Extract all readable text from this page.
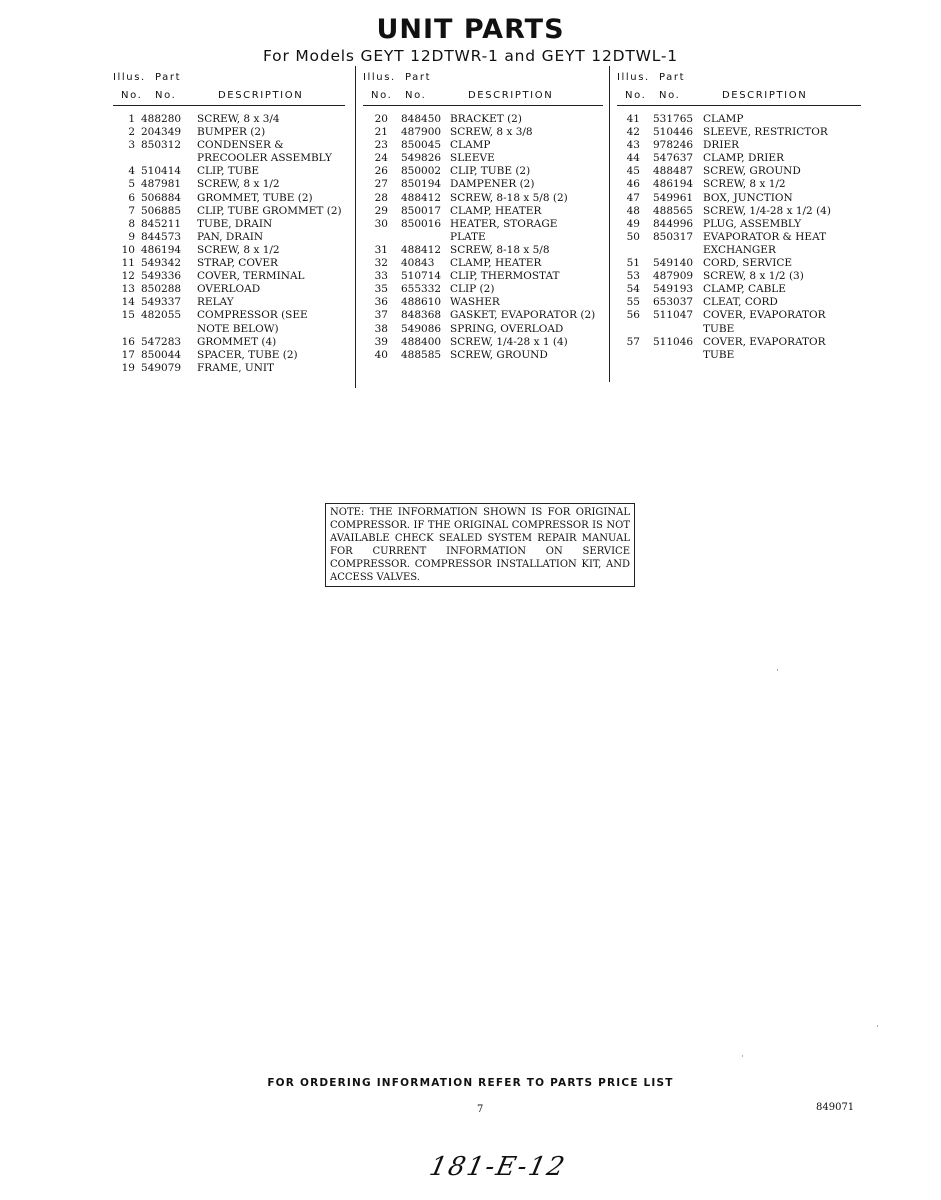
UNIT PARTS
For Models GEYT 12DTWR-1 and GEYT 12DTWL-1
Illus. Part
No. No.	DESCRIPTION
1 488280 SCREW, 8 x 3/4
2 204349 BUMPER (2)
3 850312 CONDENSER &
PRECOOLER ASSEMBLY
4 510414 CLIP, TUBE
5 487981 SCREW, 8 x 1/2
6 506884 GROMMET, TUBE (2)
7 506885 CLIP, TUBE GROMMET (2)
8 845211 TUBE, DRAIN
9 844573 PAN, DRAIN
10 486194 SCREW, 8 x 1/2
11 549342 STRAP, COVER
12 549336 COVER, TERMINAL
13 850288 OVERLOAD
14 549337 RELAY
15 482055 COMPRESSOR (SEE
NOTE BELOW)
16 547283 GROMMET (4)
17 850044 SPACER, TUBE (2)
19 549079 FRAME, UNIT
Illus. Part
No. No.	DESCRIPTION
20 848450 BRACKET (2)
21 487900 SCREW, 8 x 3/8
23 850045 CLAMP
24 549826 SLEEVE
26 850002 CLIP, TUBE (2)
27 850194 DAMPENER (2)
28 488412 SCREW, 8-18 x 5/8 (2)
29 850017 CLAMP, HEATER
30 850016 HEATER, STORAGE
PLATE
31 488412 SCREW, 8-18 x 5/8
32 40843 CLAMP, HEATER
33 510714 CLIP, THERMOSTAT
35 655332 CLIP (2)
36 488610 WASHER
37 848368 GASKET, EVAPORATOR (2)
38 549086 SPRING, OVERLOAD
39 488400 SCREW, 1/4-28 x 1 (4)
40 488585 SCREW, GROUND
Illus. Part
No. No.	DESCRIPTION
41 531765 CLAMP
42 510446 SLEEVE, RESTRICTOR
43 978246 DRIER
44 547637 CLAMP, DRIER
45 488487 SCREW, GROUND
46 486194 SCREW, 8 x 1/2
47 549961 BOX, JUNCTION
48 488565 SCREW, 1/4-28 x 1/2 (4)
49 844996 PLUG, ASSEMBLY
50 850317 EVAPORATOR & HEAT
EXCHANGER
51 549140 CORD, SERVICE
53 487909 SCREW, 8 x 1/2 (3)
54 549193 CLAMP, CABLE
55 653037 CLEAT, CORD
56 511047 COVER, EVAPORATOR
TUBE
57 511046 COVER, EVAPORATOR
TUBE
NOTE: THE INFORMATION SHOWN IS FOR ORIGINAL
COMPRESSOR. IF THE ORIGINAL COMPRESSOR IS NOT
AVAILABLE CHECK SEALED SYSTEM REPAIR MANUAL
FOR CURRENT INFORMATION ON SERVICE
COMPRESSOR. COMPRESSOR INSTALLATION KIT, AND
ACCESS VALVES.
·
·
·
FOR ORDERING INFORMATION REFER TO PARTS PRICE LIST
7	849071
181-E-12
